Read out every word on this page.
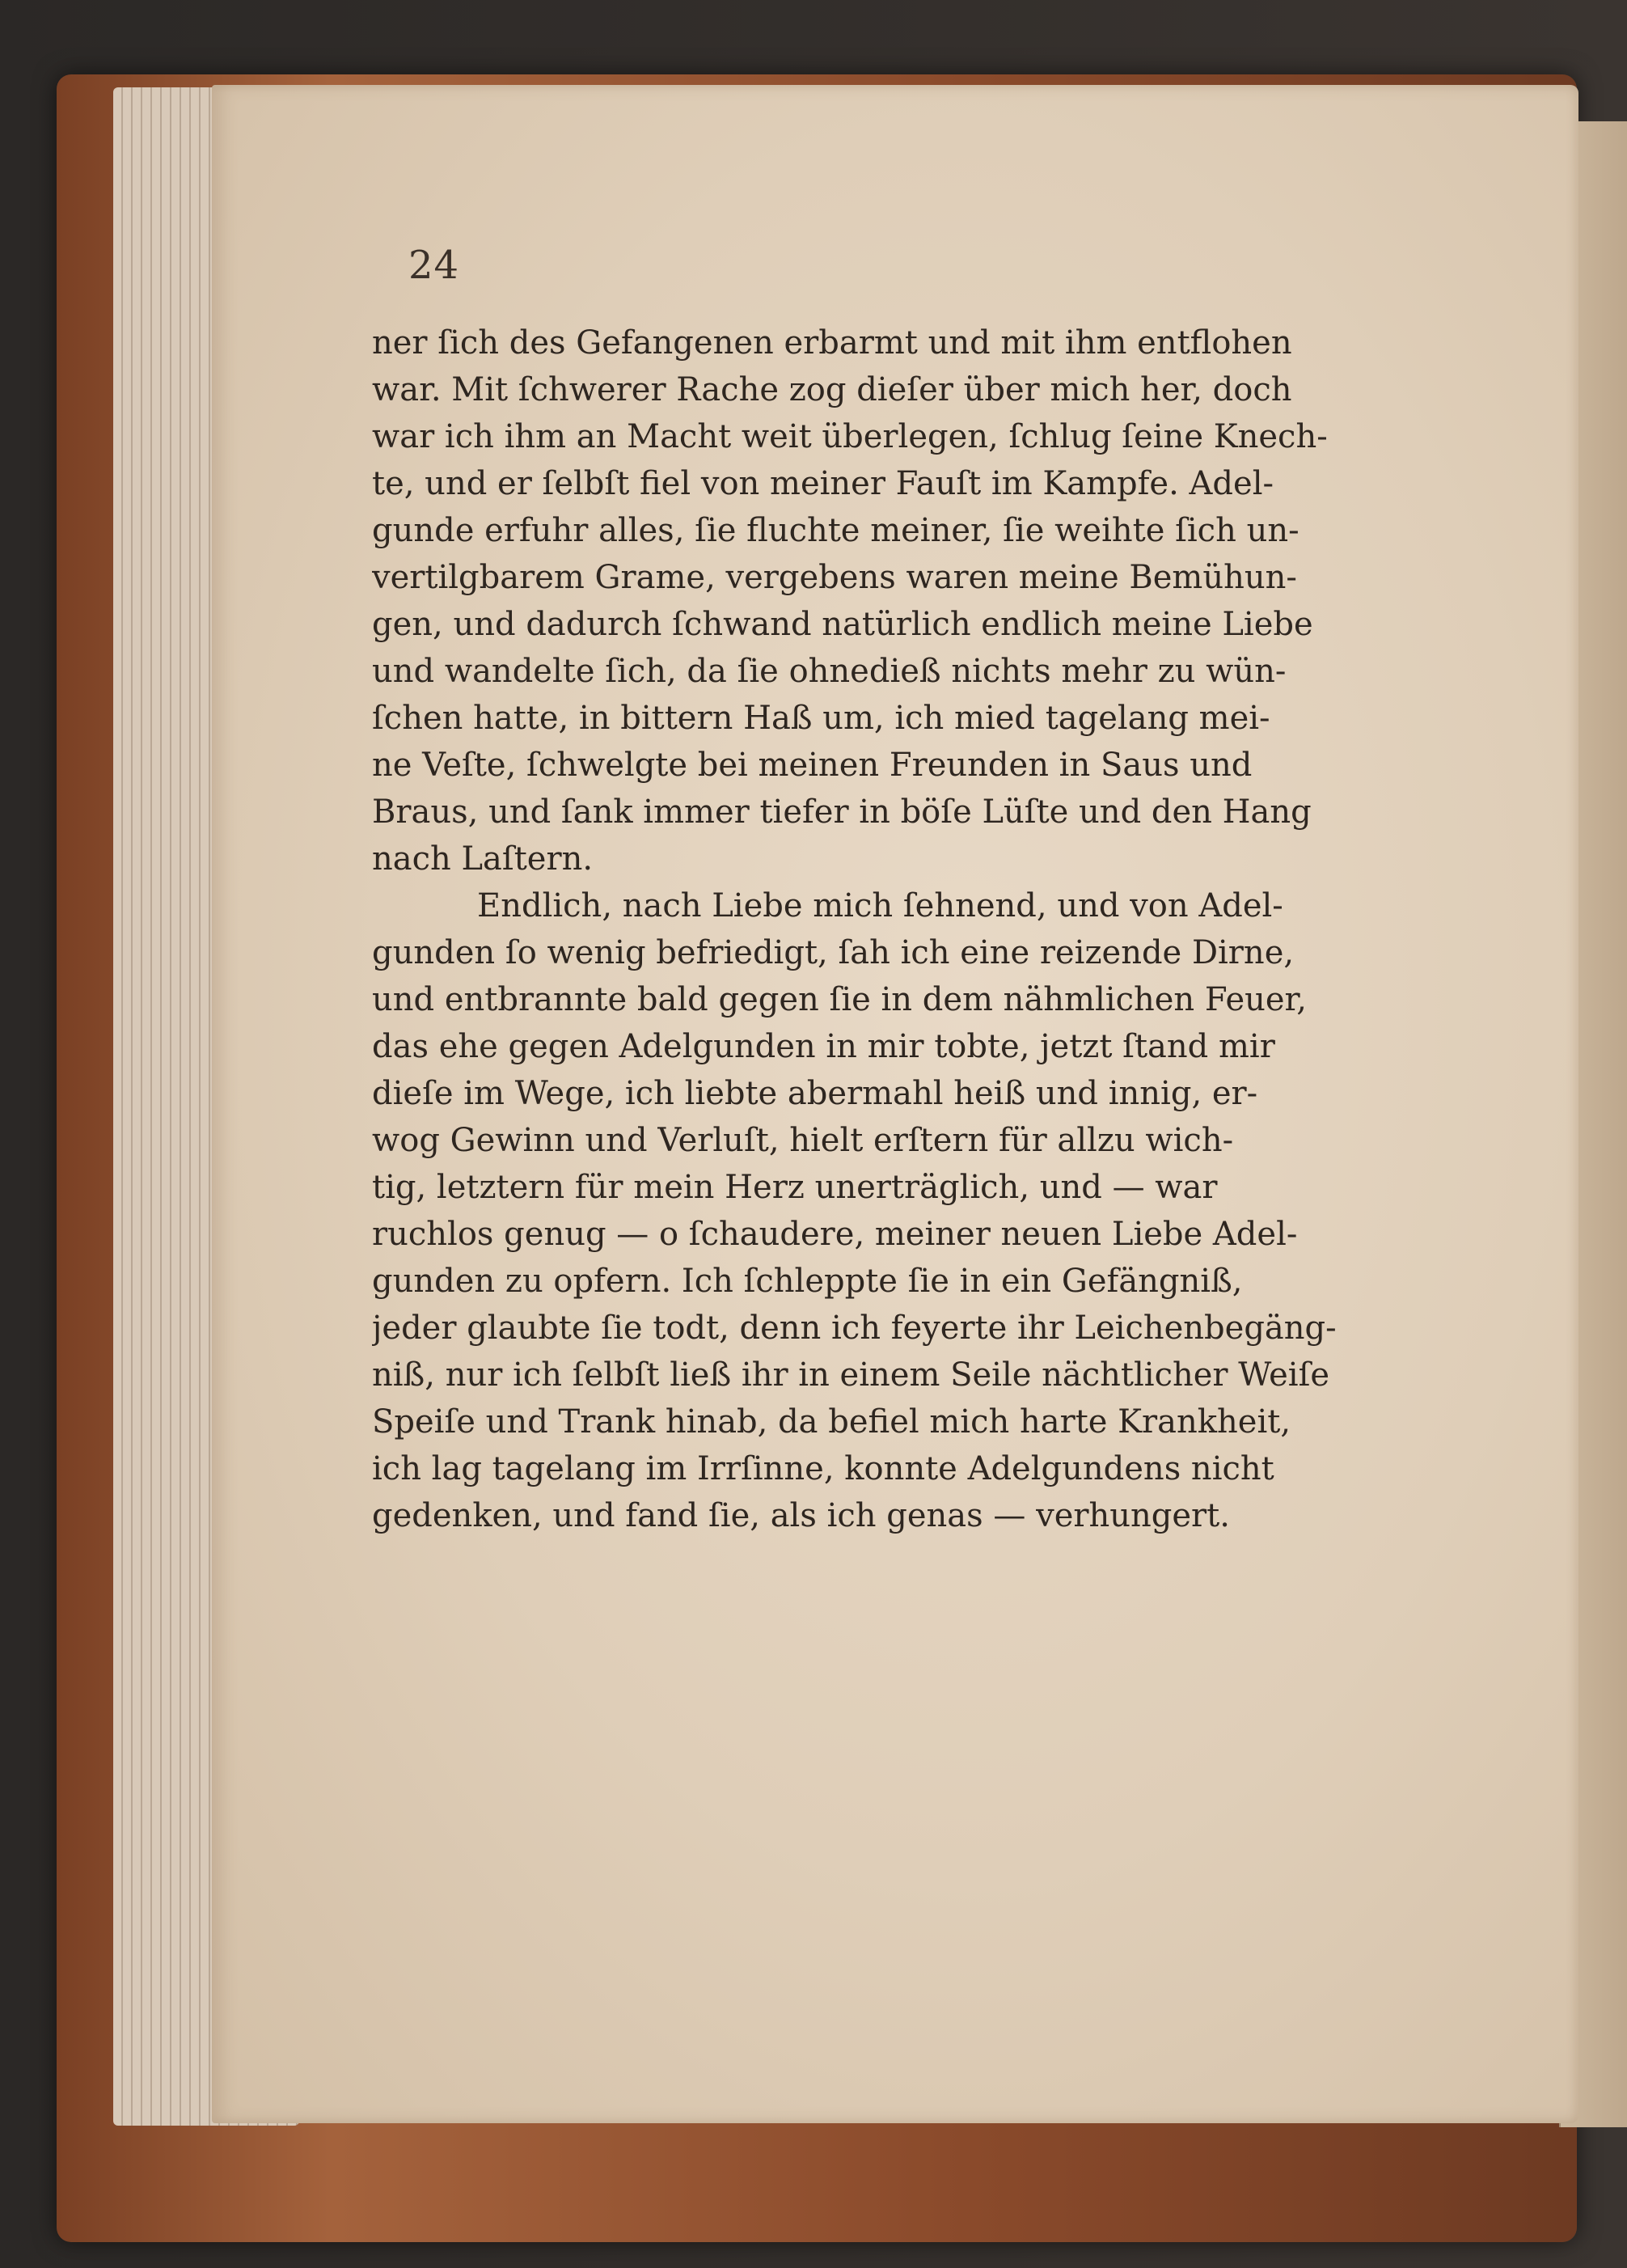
24
ner ſich des Gefangenen erbarmt und mit ihm entflohen
war. Mit ſchwerer Rache zog dieſer über mich her, doch
war ich ihm an Macht weit überlegen, ſchlug ſeine Knech-
te, und er ſelbſt fiel von meiner Fauſt im Kampfe. Adel-
gunde erfuhr alles, ſie fluchte meiner, ſie weihte ſich un-
vertilgbarem Grame, vergebens waren meine Bemühun-
gen, und dadurch ſchwand natürlich endlich meine Liebe
und wandelte ſich, da ſie ohnedieß nichts mehr zu wün-
ſchen hatte, in bittern Haß um, ich mied tagelang mei-
ne Veſte, ſchwelgte bei meinen Freunden in Saus und
Braus, und ſank immer tiefer in böſe Lüſte und den Hang
nach Laſtern.
Endlich, nach Liebe mich ſehnend, und von Adel-
gunden ſo wenig befriedigt, ſah ich eine reizende Dirne,
und entbrannte bald gegen ſie in dem nähmlichen Feuer,
das ehe gegen Adelgunden in mir tobte, jetzt ſtand mir
dieſe im Wege, ich liebte abermahl heiß und innig, er-
wog Gewinn und Verluſt, hielt erſtern für allzu wich-
tig, letztern für mein Herz unerträglich, und — war
ruchlos genug — o ſchaudere, meiner neuen Liebe Adel-
gunden zu opfern. Ich ſchleppte ſie in ein Gefängniß,
jeder glaubte ſie todt, denn ich feyerte ihr Leichenbegäng-
niß, nur ich ſelbſt ließ ihr in einem Seile nächtlicher Weiſe
Speiſe und Trank hinab, da befiel mich harte Krankheit,
ich lag tagelang im Irrſinne, konnte Adelgundens nicht
gedenken, und fand ſie, als ich genas — verhungert.
